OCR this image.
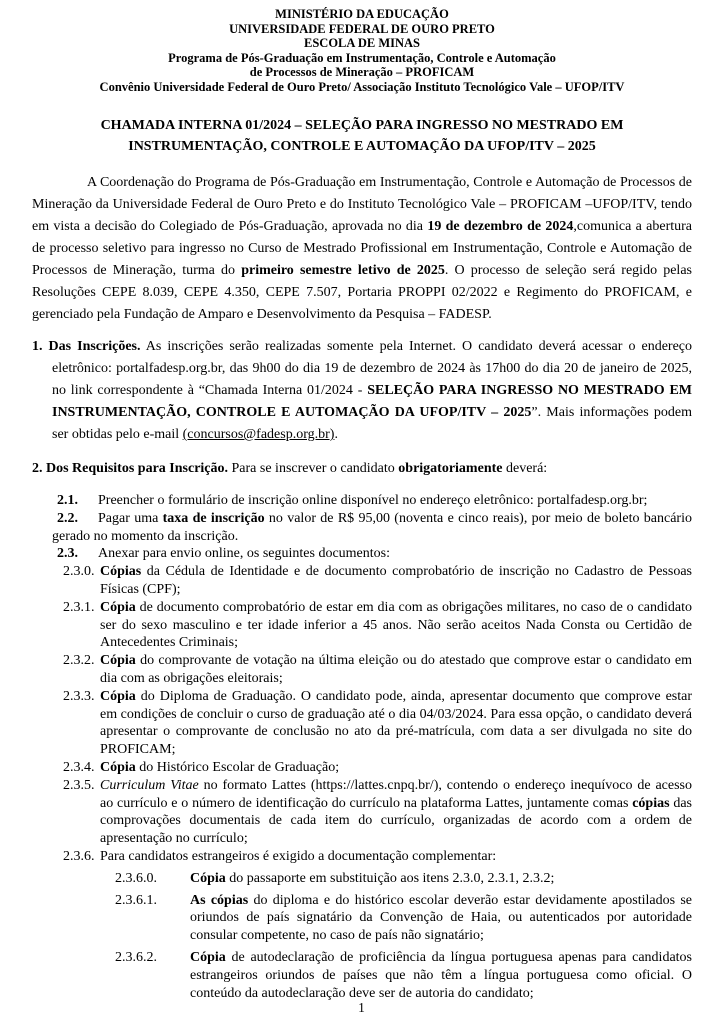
MINISTÉRIO DA EDUCAÇÃO
UNIVERSIDADE FEDERAL DE OURO PRETO
ESCOLA DE MINAS
Programa de Pós-Graduação em Instrumentação, Controle e Automação
de Processos de Mineração – PROFICAM
Convênio Universidade Federal de Ouro Preto/ Associação Instituto Tecnológico Vale – UFOP/ITV
CHAMADA INTERNA 01/2024 – SELEÇÃO PARA INGRESSO NO MESTRADO EM INSTRUMENTAÇÃO, CONTROLE E AUTOMAÇÃO DA UFOP/ITV – 2025

A Coordenação do Programa de Pós-Graduação em Instrumentação, Controle e Automação de Processos de Mineração da Universidade Federal de Ouro Preto e do Instituto Tecnológico Vale – PROFICAM –UFOP/ITV, tendo em vista a decisão do Colegiado de Pós-Graduação, aprovada no dia 19 de dezembro de 2024,comunica a abertura de processo seletivo para ingresso no Curso de Mestrado Profissional em Instrumentação, Controle e Automação de Processos de Mineração, turma do primeiro semestre letivo de 2025. O processo de seleção será regido pelas Resoluções CEPE 8.039, CEPE 4.350, CEPE 7.507, Portaria PROPPI 02/2022 e Regimento do PROFICAM, e gerenciado pela Fundação de Amparo e Desenvolvimento da Pesquisa – FADESP.

1. Das Inscrições. As inscrições serão realizadas somente pela Internet. O candidato deverá acessar o endereço eletrônico: portalfadesp.org.br, das 9h00 do dia 19 de dezembro de 2024 às 17h00 do dia 20 de janeiro de 2025, no link correspondente à “Chamada Interna 01/2024 - SELEÇÃO PARA INGRESSO NO MESTRADO EM INSTRUMENTAÇÃO, CONTROLE E AUTOMAÇÃO DA UFOP/ITV – 2025”. Mais informações podem ser obtidas pelo e-mail (concursos@fadesp.org.br).

2. Dos Requisitos para Inscrição. Para se inscrever o candidato obrigatoriamente deverá:

2.1. Preencher o formulário de inscrição online disponível no endereço eletrônico: portalfadesp.org.br;
2.2. Pagar uma taxa de inscrição no valor de R$ 95,00 (noventa e cinco reais), por meio de boleto bancário gerado no momento da inscrição.
2.3. Anexar para envio online, os seguintes documentos:
2.3.0. Cópias da Cédula de Identidade e de documento comprobatório de inscrição no Cadastro de Pessoas Físicas (CPF);
2.3.1. Cópia de documento comprobatório de estar em dia com as obrigações militares, no caso de o candidato ser do sexo masculino e ter idade inferior a 45 anos. Não serão aceitos Nada Consta ou Certidão de Antecedentes Criminais;
2.3.2. Cópia do comprovante de votação na última eleição ou do atestado que comprove estar o candidato em dia com as obrigações eleitorais;
2.3.3. Cópia do Diploma de Graduação. O candidato pode, ainda, apresentar documento que comprove estar em condições de concluir o curso de graduação até o dia 04/03/2024. Para essa opção, o candidato deverá apresentar o comprovante de conclusão no ato da pré-matrícula, com data a ser divulgada no site do PROFICAM;
2.3.4. Cópia do Histórico Escolar de Graduação;
2.3.5. Curriculum Vitae no formato Lattes (https://lattes.cnpq.br/), contendo o endereço inequívoco de acesso ao currículo e o número de identificação do currículo na plataforma Lattes, juntamente comas cópias das comprovações documentais de cada item do currículo, organizadas de acordo com a ordem de apresentação no currículo;
2.3.6. Para candidatos estrangeiros é exigido a documentação complementar:
2.3.6.0. Cópia do passaporte em substituição aos itens 2.3.0, 2.3.1, 2.3.2;
2.3.6.1. As cópias do diploma e do histórico escolar deverão estar devidamente apostilados se oriundos de país signatário da Convenção de Haia, ou autenticados por autoridade consular competente, no caso de país não signatário;
2.3.6.2. Cópia de autodeclaração de proficiência da língua portuguesa apenas para candidatos estrangeiros oriundos de países que não têm a língua portuguesa como oficial. O conteúdo da autodeclaração deve ser de autoria do candidato;
1
